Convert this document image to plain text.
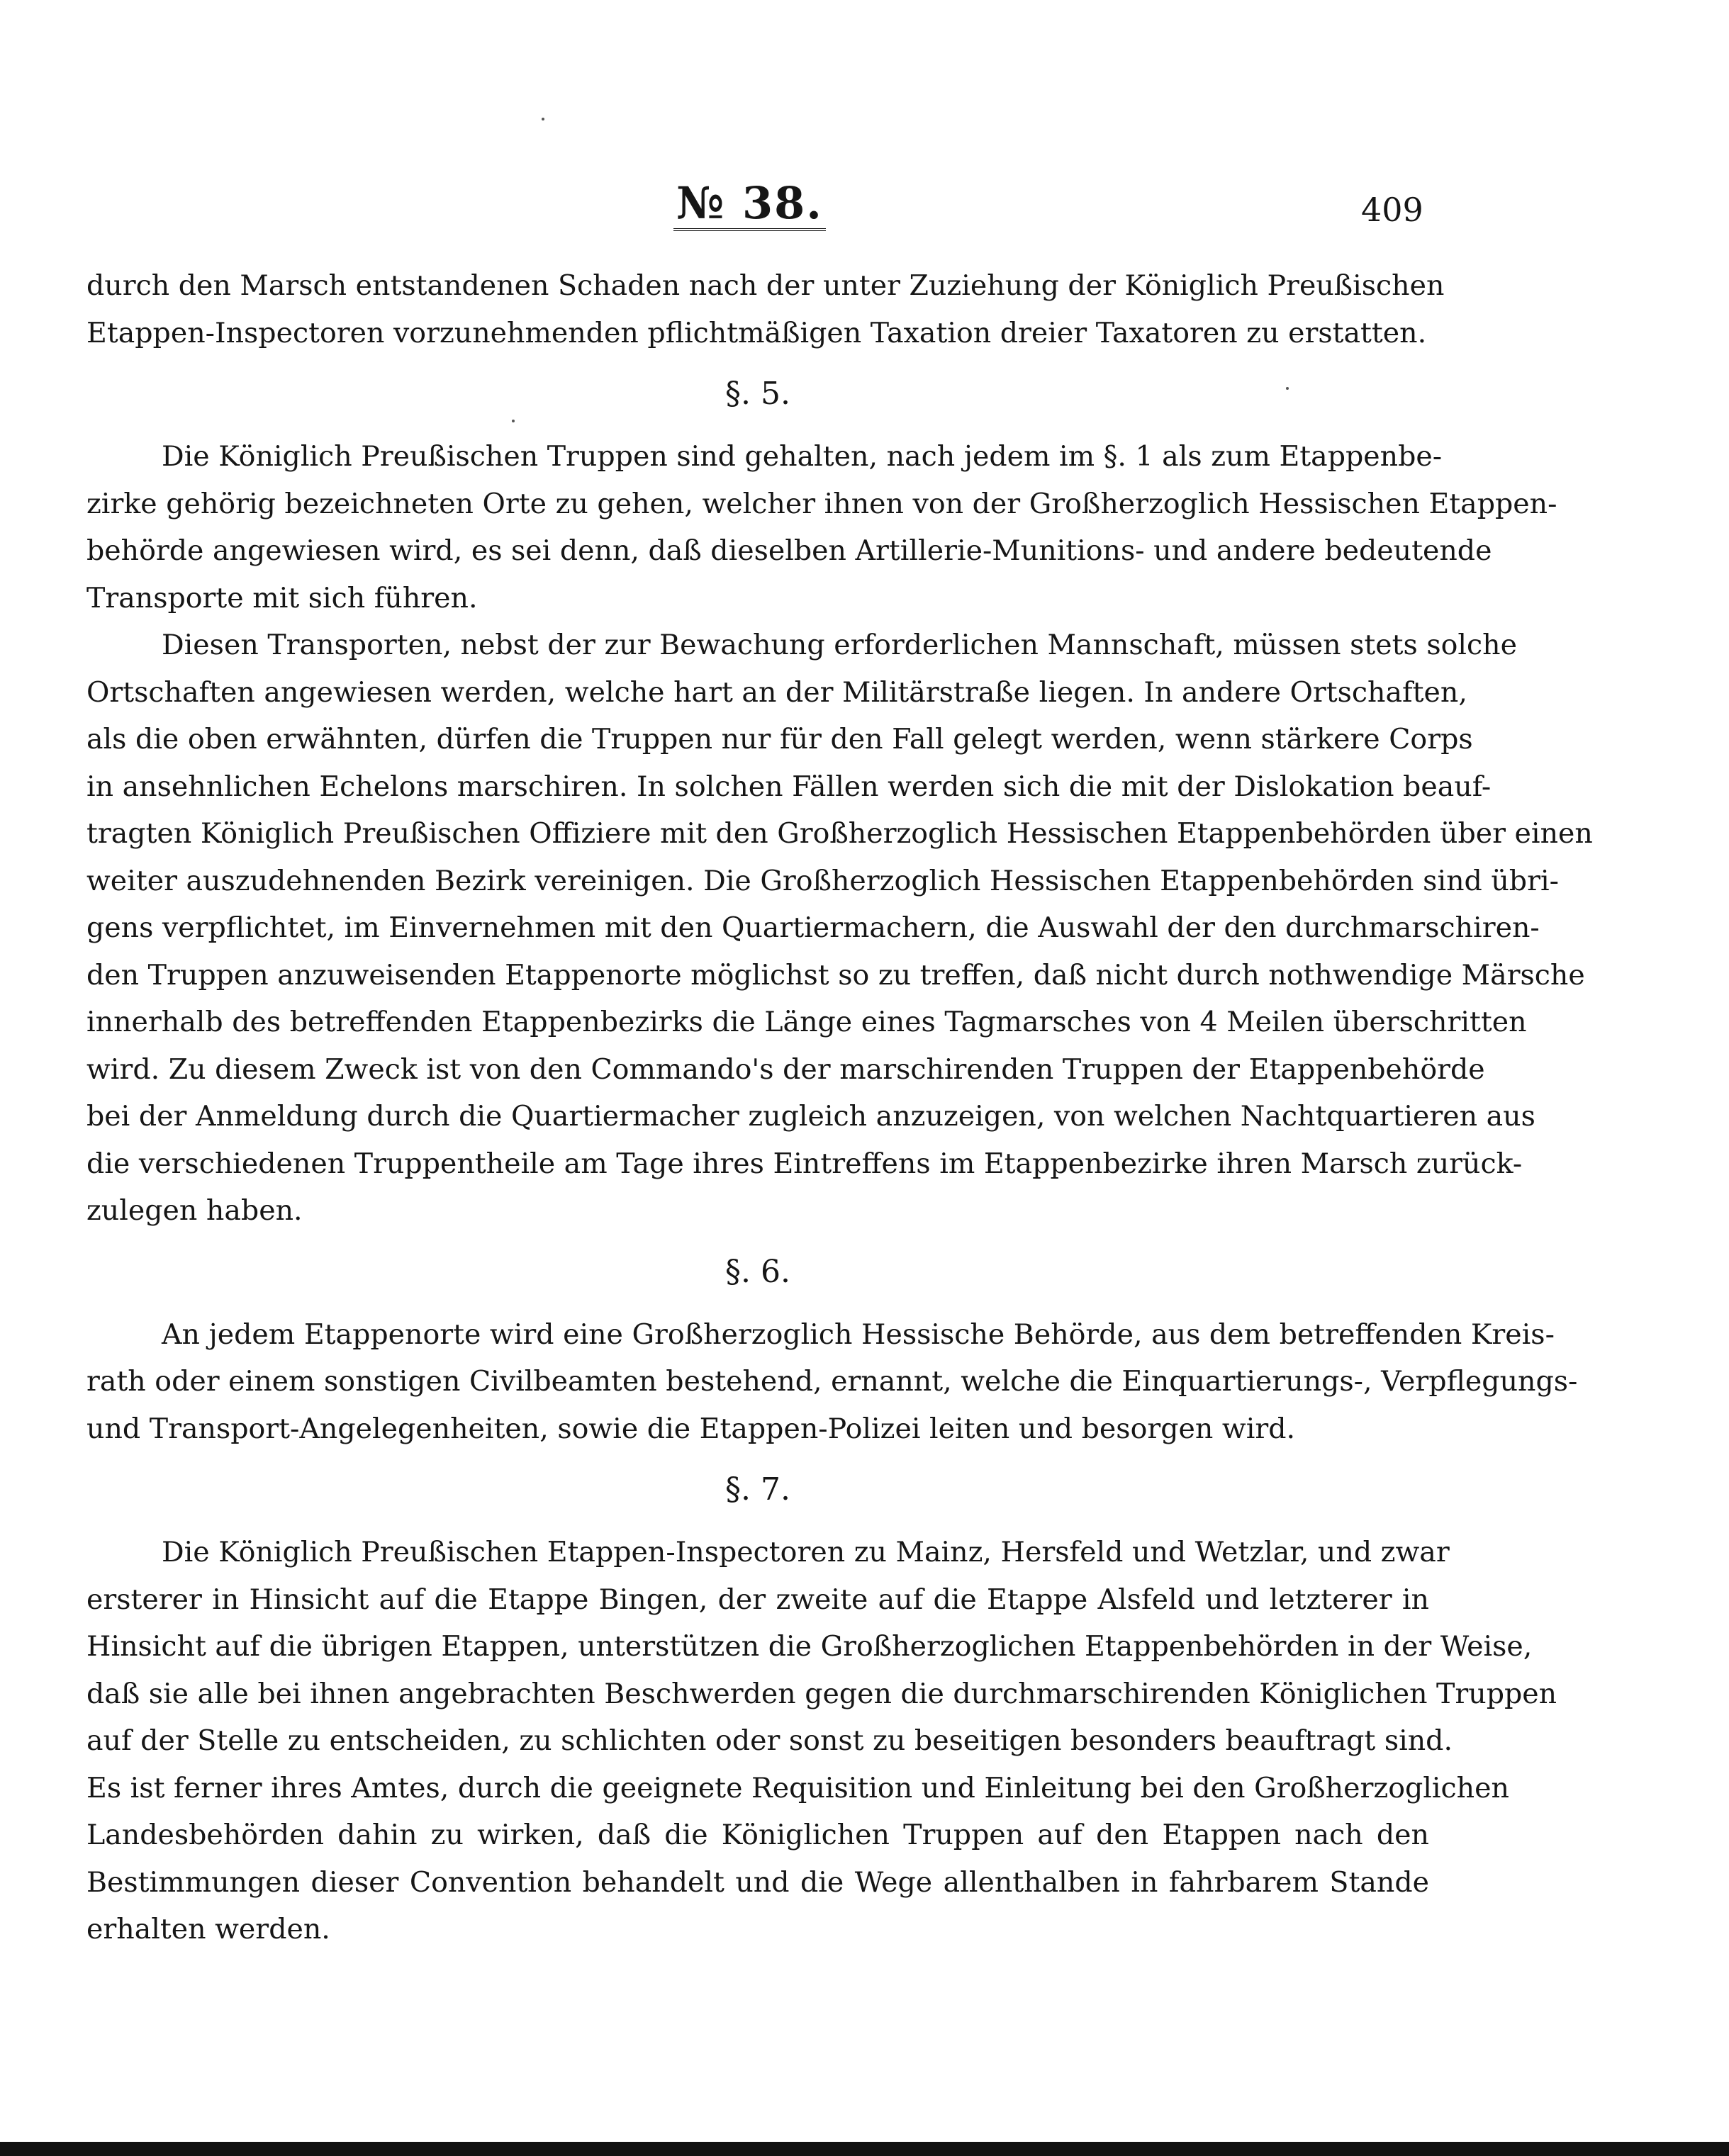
№ 38.	409
durch den Marsch entstandenen Schaden nach der unter Zuziehung der Königlich Preußischen
Etappen-Inspectoren vorzunehmenden pflichtmäßigen Taxation dreier Taxatoren zu erstatten.
§. 5.
Die Königlich Preußischen Truppen sind gehalten, nach jedem im §. 1 als zum Etappenbe-
zirke gehörig bezeichneten Orte zu gehen, welcher ihnen von der Großherzoglich Hessischen Etappen-
behörde angewiesen wird, es sei denn, daß dieselben Artillerie-Munitions- und andere bedeutende
Transporte mit sich führen.
Diesen Transporten, nebst der zur Bewachung erforderlichen Mannschaft, müssen stets solche
Ortschaften angewiesen werden, welche hart an der Militärstraße liegen. In andere Ortschaften,
als die oben erwähnten, dürfen die Truppen nur für den Fall gelegt werden, wenn stärkere Corps
in ansehnlichen Echelons marschiren. In solchen Fällen werden sich die mit der Dislokation beauf-
tragten Königlich Preußischen Offiziere mit den Großherzoglich Hessischen Etappenbehörden über einen
weiter auszudehnenden Bezirk vereinigen. Die Großherzoglich Hessischen Etappenbehörden sind übri-
gens verpflichtet, im Einvernehmen mit den Quartiermachern, die Auswahl der den durchmarschiren-
den Truppen anzuweisenden Etappenorte möglichst so zu treffen, daß nicht durch nothwendige Märsche
innerhalb des betreffenden Etappenbezirks die Länge eines Tagmarsches von 4 Meilen überschritten
wird. Zu diesem Zweck ist von den Commando's der marschirenden Truppen der Etappenbehörde
bei der Anmeldung durch die Quartiermacher zugleich anzuzeigen, von welchen Nachtquartieren aus
die verschiedenen Truppentheile am Tage ihres Eintreffens im Etappenbezirke ihren Marsch zurück-
zulegen haben.
§. 6.
An jedem Etappenorte wird eine Großherzoglich Hessische Behörde, aus dem betreffenden Kreis-
rath oder einem sonstigen Civilbeamten bestehend, ernannt, welche die Einquartierungs-, Verpflegungs-
und Transport-Angelegenheiten, sowie die Etappen-Polizei leiten und besorgen wird.
§. 7.
Die Königlich Preußischen Etappen-Inspectoren zu Mainz, Hersfeld und Wetzlar, und zwar
ersterer in Hinsicht auf die Etappe Bingen, der zweite auf die Etappe Alsfeld und letzterer in
Hinsicht auf die übrigen Etappen, unterstützen die Großherzoglichen Etappenbehörden in der Weise,
daß sie alle bei ihnen angebrachten Beschwerden gegen die durchmarschirenden Königlichen Truppen
auf der Stelle zu entscheiden, zu schlichten oder sonst zu beseitigen besonders beauftragt sind.
Es ist ferner ihres Amtes, durch die geeignete Requisition und Einleitung bei den Großherzoglichen
Landesbehörden dahin zu wirken, daß die Königlichen Truppen auf den Etappen nach den
Bestimmungen dieser Convention behandelt und die Wege allenthalben in fahrbarem Stande
erhalten werden.
